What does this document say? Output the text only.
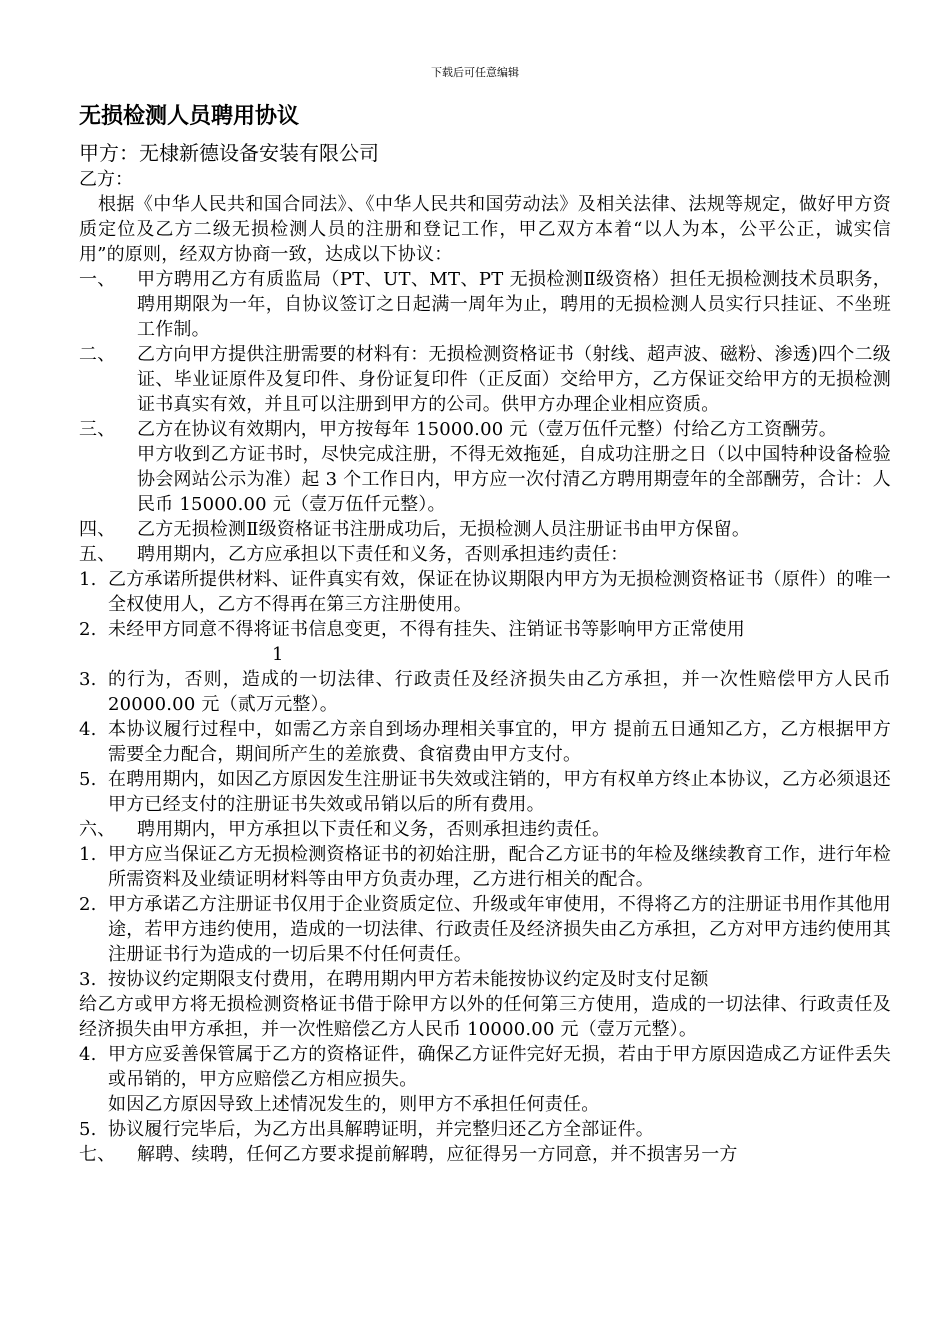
下载后可任意编辑
无损检测人员聘用协议
甲方：无棣新德设备安装有限公司
乙方：
根据《中华人民共和国合同法》、《中华人民共和国劳动法》及相关法律、法规等规定，做好甲方资质定位及乙方二级无损检测人员的注册和登记工作，甲乙双方本着“以人为本，公平公正，诚实信用”的原则，经双方协商一致，达成以下协议：
一、 甲方聘用乙方有质监局（PT、UT、MT、PT 无损检测Ⅱ级资格）担任无损检测技术员职务，聘用期限为一年，自协议签订之日起满一周年为止，聘用的无损检测人员实行只挂证、不坐班工作制。
二、 乙方向甲方提供注册需要的材料有：无损检测资格证书（射线、超声波、磁粉、渗透)四个二级证、毕业证原件及复印件、身份证复印件（正反面）交给甲方，乙方保证交给甲方的无损检测证书真实有效，并且可以注册到甲方的公司。供甲方办理企业相应资质。
三、 乙方在协议有效期内，甲方按每年 15000.00 元（壹万伍仟元整）付给乙方工资酬劳。
甲方收到乙方证书时，尽快完成注册，不得无效拖延，自成功注册之日（以中国特种设备检验协会网站公示为准）起 3 个工作日内，甲方应一次付清乙方聘用期壹年的全部酬劳，合计：人民币 15000.00 元（壹万伍仟元整）。
四、 乙方无损检测Ⅱ级资格证书注册成功后，无损检测人员注册证书由甲方保留。
五、 聘用期内，乙方应承担以下责任和义务，否则承担违约责任：
1. 乙方承诺所提供材料、证件真实有效，保证在协议期限内甲方为无损检测资格证书（原件）的唯一全权使用人，乙方不得再在第三方注册使用。
2. 未经甲方同意不得将证书信息变更，不得有挂失、注销证书等影响甲方正常使用
1
3. 的行为，否则，造成的一切法律、行政责任及经济损失由乙方承担，并一次性赔偿甲方人民币 20000.00 元（贰万元整）。
4. 本协议履行过程中，如需乙方亲自到场办理相关事宜的，甲方 提前五日通知乙方，乙方根据甲方需要全力配合，期间所产生的差旅费、食宿费由甲方支付。
5. 在聘用期内，如因乙方原因发生注册证书失效或注销的，甲方有权单方终止本协议，乙方必须退还甲方已经支付的注册证书失效或吊销以后的所有费用。
六、 聘用期内，甲方承担以下责任和义务，否则承担违约责任。
1. 甲方应当保证乙方无损检测资格证书的初始注册，配合乙方证书的年检及继续教育工作，进行年检所需资料及业绩证明材料等由甲方负责办理，乙方进行相关的配合。
2. 甲方承诺乙方注册证书仅用于企业资质定位、升级或年审使用，不得将乙方的注册证书用作其他用途，若甲方违约使用，造成的一切法律、行政责任及经济损失由乙方承担，乙方对甲方违约使用其注册证书行为造成的一切后果不付任何责任。
3. 按协议约定期限支付费用，在聘用期内甲方若未能按协议约定及时支付足额
给乙方或甲方将无损检测资格证书借于除甲方以外的任何第三方使用，造成的一切法律、行政责任及经济损失由甲方承担，并一次性赔偿乙方人民币 10000.00 元（壹万元整）。
4. 甲方应妥善保管属于乙方的资格证件，确保乙方证件完好无损，若由于甲方原因造成乙方证件丢失或吊销的，甲方应赔偿乙方相应损失。
如因乙方原因导致上述情况发生的，则甲方不承担任何责任。
5. 协议履行完毕后，为乙方出具解聘证明，并完整归还乙方全部证件。
七、 解聘、续聘，任何乙方要求提前解聘，应征得另一方同意，并不损害另一方
